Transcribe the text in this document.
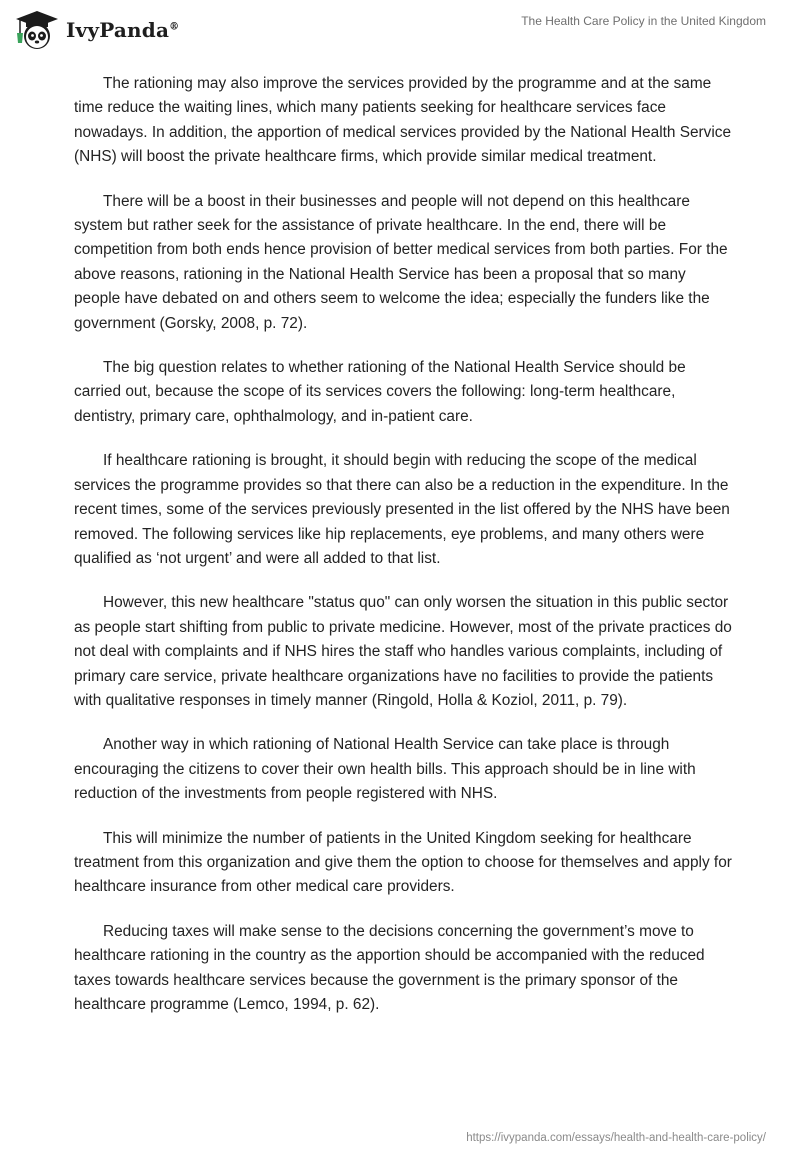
IvyPanda®	The Health Care Policy in the United Kingdom

The rationing may also improve the services provided by the programme and at the same time reduce the waiting lines, which many patients seeking for healthcare services face nowadays. In addition, the apportion of medical services provided by the National Health Service (NHS) will boost the private healthcare firms, which provide similar medical treatment.

There will be a boost in their businesses and people will not depend on this healthcare system but rather seek for the assistance of private healthcare. In the end, there will be competition from both ends hence provision of better medical services from both parties. For the above reasons, rationing in the National Health Service has been a proposal that so many people have debated on and others seem to welcome the idea; especially the funders like the government (Gorsky, 2008, p. 72).

The big question relates to whether rationing of the National Health Service should be carried out, because the scope of its services covers the following: long-term healthcare, dentistry, primary care, ophthalmology, and in-patient care.

If healthcare rationing is brought, it should begin with reducing the scope of the medical services the programme provides so that there can also be a reduction in the expenditure. In the recent times, some of the services previously presented in the list offered by the NHS have been removed. The following services like hip replacements, eye problems, and many others were qualified as ‘not urgent’ and were all added to that list.

However, this new healthcare "status quo" can only worsen the situation in this public sector as people start shifting from public to private medicine. However, most of the private practices do not deal with complaints and if NHS hires the staff who handles various complaints, including of primary care service, private healthcare organizations have no facilities to provide the patients with qualitative responses in timely manner (Ringold, Holla & Koziol, 2011, p. 79).

Another way in which rationing of National Health Service can take place is through encouraging the citizens to cover their own health bills. This approach should be in line with reduction of the investments from people registered with NHS.

This will minimize the number of patients in the United Kingdom seeking for healthcare treatment from this organization and give them the option to choose for themselves and apply for healthcare insurance from other medical care providers.

Reducing taxes will make sense to the decisions concerning the government’s move to healthcare rationing in the country as the apportion should be accompanied with the reduced taxes towards healthcare services because the government is the primary sponsor of the healthcare programme (Lemco, 1994, p. 62).

https://ivypanda.com/essays/health-and-health-care-policy/
